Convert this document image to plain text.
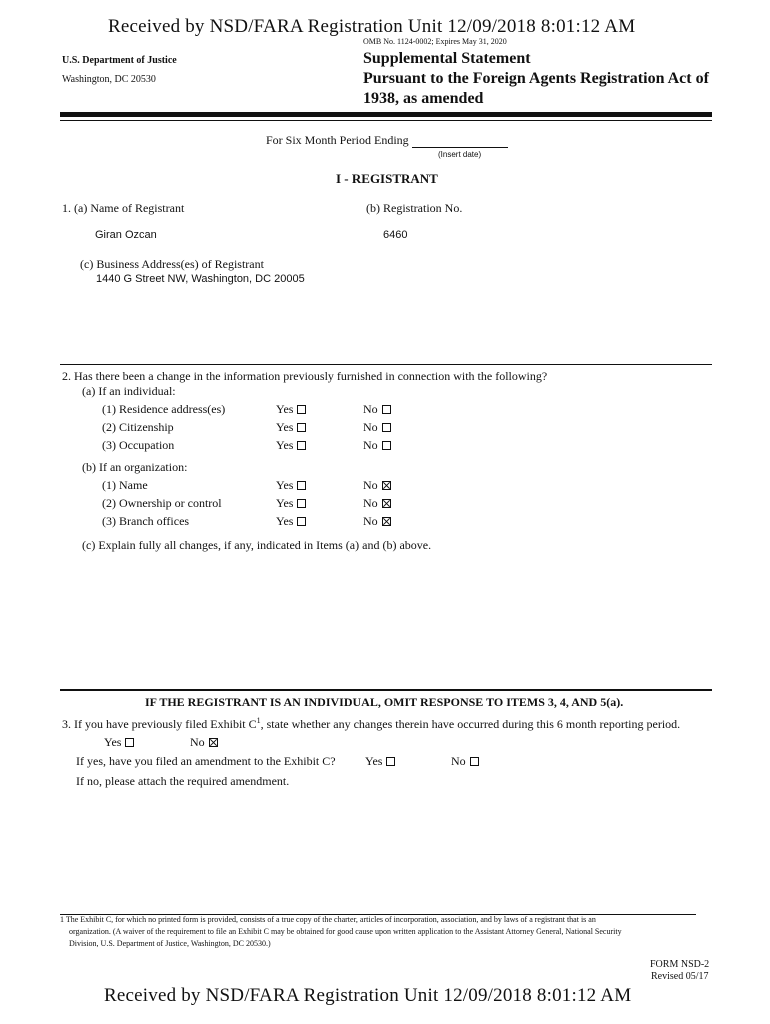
Received by NSD/FARA Registration Unit 12/09/2018 8:01:12 AM
OMB No. 1124-0002; Expires May 31, 2020
U.S. Department of Justice
Washington, DC 20530
Supplemental Statement
Pursuant to the Foreign Agents Registration Act of
1938, as amended
For Six Month Period Ending
(Insert date)
I - REGISTRANT
1. (a) Name of Registrant	(b) Registration No.
Giran Ozcan	6460
(c) Business Address(es) of Registrant
1440 G Street NW, Washington, DC 20005
2. Has there been a change in the information previously furnished in connection with the following?
(a) If an individual:
(1) Residence address(es)	Yes	No
(2) Citizenship	Yes	No
(3) Occupation	Yes	No
(b) If an organization:
(1) Name	Yes	No
(2) Ownership or control	Yes	No
(3) Branch offices	Yes	No
(c) Explain fully all changes, if any, indicated in Items (a) and (b) above.
IF THE REGISTRANT IS AN INDIVIDUAL, OMIT RESPONSE TO ITEMS 3, 4, AND 5(a).
3. If you have previously filed Exhibit $C^1$, state whether any changes therein have occurred during this 6 month reporting period.
Yes	No
If yes, have you filed an amendment to the Exhibit C? Yes	No
If no, please attach the required amendment.
1 The Exhibit C, for which no printed form is provided, consists of a true copy of the charter, articles of incorporation, association, and by laws of a registrant that is an
organization. (A waiver of the requirement to file an Exhibit C may be obtained for good cause upon written application to the Assistant Attorney General, National Security
Division, U.S. Department of Justice, Washington, DC 20530.)
FORM NSD-2
Revised 05/17
Received by NSD/FARA Registration Unit 12/09/2018 8:01:12 AM
